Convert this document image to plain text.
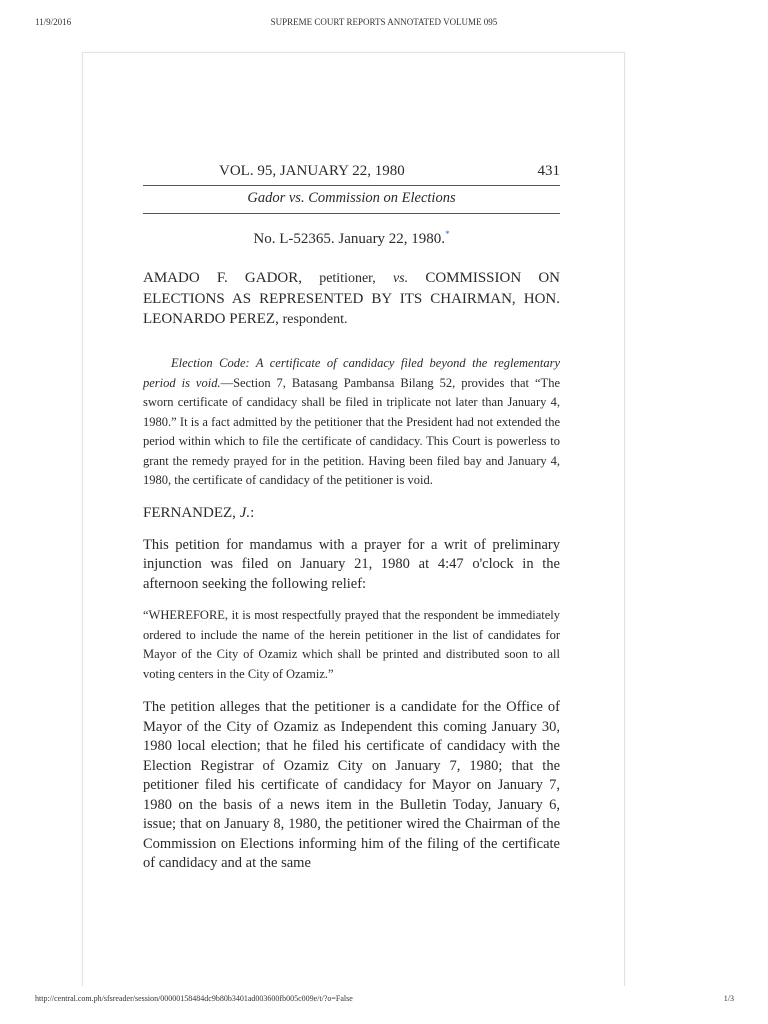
11/9/2016	SUPREME COURT REPORTS ANNOTATED VOLUME 095
VOL. 95, JANUARY 22, 1980	431
Gador vs. Commission on Elections
No. L-52365. January 22, 1980.*
AMADO F. GADOR, petitioner, vs. COMMISSION ON ELECTIONS AS REPRESENTED BY ITS CHAIRMAN, HON. LEONARDO PEREZ, respondent.
Election Code: A certificate of candidacy filed beyond the reglementary period is void.—Section 7, Batasang Pambansa Bilang 52, provides that “The sworn certificate of candidacy shall be filed in triplicate not later than January 4, 1980.” It is a fact admitted by the petitioner that the President had not extended the period within which to file the certificate of candidacy. This Court is powerless to grant the remedy prayed for in the petition. Having been filed bay and January 4, 1980, the certificate of candidacy of the petitioner is void.
FERNANDEZ, J.:

This petition for mandamus with a prayer for a writ of preliminary injunction was filed on January 21, 1980 at 4:47 o'clock in the afternoon seeking the following relief:

“WHEREFORE, it is most respectfully prayed that the respondent be immediately ordered to include the name of the herein petitioner in the list of candidates for Mayor of the City of Ozamiz which shall be printed and distributed soon to all voting centers in the City of Ozamiz.”

The petition alleges that the petitioner is a candidate for the Office of Mayor of the City of Ozamiz as Independent this coming January 30, 1980 local election; that he filed his certificate of candidacy with the Election Registrar of Ozamiz City on January 7, 1980; that the petitioner filed his certificate of candidacy for Mayor on January 7, 1980 on the basis of a news item in the Bulletin Today, January 6, issue; that on January 8, 1980, the petitioner wired the Chairman of the Commission on Elections informing him of the filing of the certificate of candidacy and at the same

http://central.com.ph/sfsreader/session/00000158484dc9b80b3401ad003600fb005c009e/t/?o=False	1/3
